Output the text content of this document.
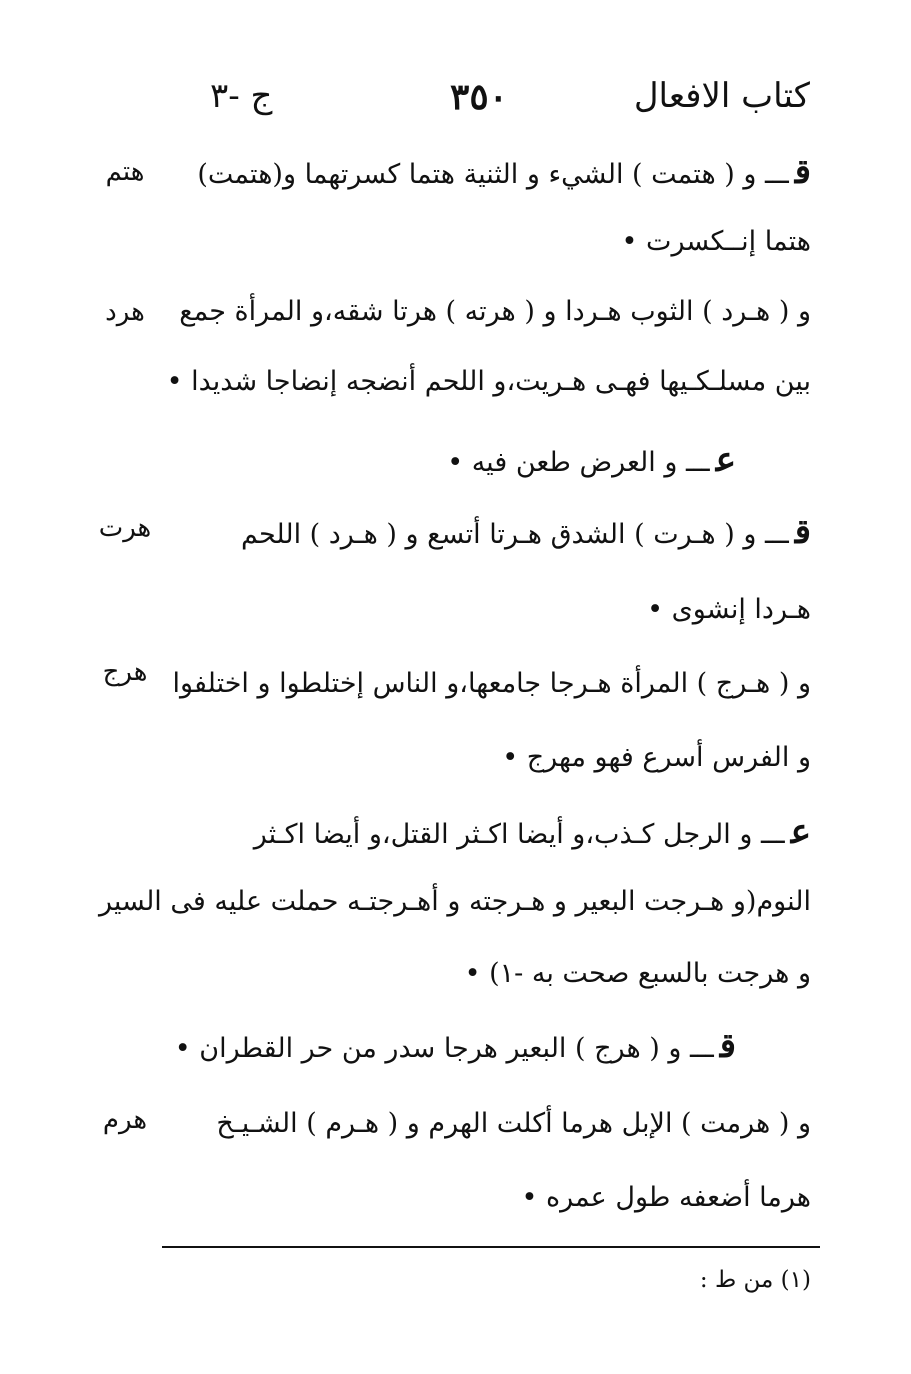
كتاب الافعال
٣٥٠
ج -٣
قـــ و ( هتمت ) الشيء و الثنية هتما كسرتهما و(هتمت)
هتم
هتما إنــكسرت •
و ( هـرد ) الثوب هـردا و ( هرته ) هرتا شقه،و المرأة جمع
هرد
بين مسلـكـيها فهـى هـريت،و اللحم أنضجه إنضاجا شديدا •
عـــ و العرض طعن فيه •
قـــ و ( هـرت ) الشدق هـرتا أتسع و ( هـرد ) اللحم
هرت
هـردا إنشوى •
و ( هـرج ) المرأة هـرجا جامعها،و الناس إختلطوا و اختلفوا
هرج
و الفرس أسرع فهو مهرج •
عـــ و الرجل كـذب،و أيضا اكـثر القتل،و أيضا اكـثر
النوم(و هـرجت البعير و هـرجته و أهـرجتـه حملت عليه فى السير
و هرجت بالسبع صحت به -١) •
قـــ و ( هرج ) البعير هرجا سدر من حر القطران •
و ( هرمت ) الإبل هرما أكلت الهرم و ( هـرم ) الشـيـخ
هرم
هرما أضعفه طول عمره •
(١) من ط :
